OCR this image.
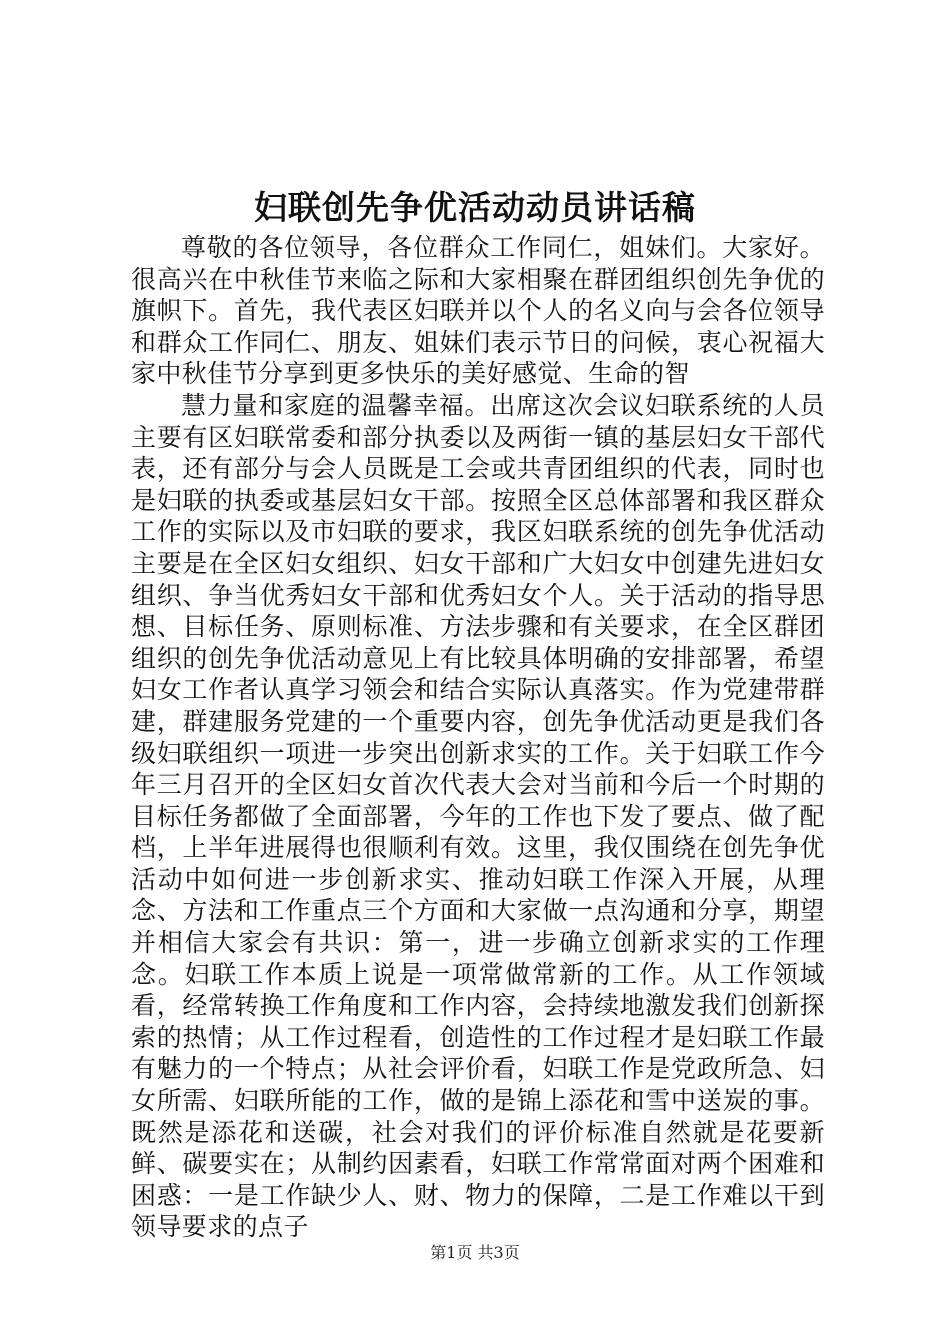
妇联创先争优活动动员讲话稿

尊敬的各位领导，各位群众工作同仁，姐妹们。大家好。很高兴在中秋佳节来临之际和大家相聚在群团组织创先争优的旗帜下。首先，我代表区妇联并以个人的名义向与会各位领导和群众工作同仁、朋友、姐妹们表示节日的问候，衷心祝福大家中秋佳节分享到更多快乐的美好感觉、生命的智

慧力量和家庭的温馨幸福。出席这次会议妇联系统的人员主要有区妇联常委和部分执委以及两街一镇的基层妇女干部代表，还有部分与会人员既是工会或共青团组织的代表，同时也是妇联的执委或基层妇女干部。按照全区总体部署和我区群众工作的实际以及市妇联的要求，我区妇联系统的创先争优活动主要是在全区妇女组织、妇女干部和广大妇女中创建先进妇女组织、争当优秀妇女干部和优秀妇女个人。关于活动的指导思想、目标任务、原则标准、方法步骤和有关要求，在全区群团组织的创先争优活动意见上有比较具体明确的安排部署，希望妇女工作者认真学习领会和结合实际认真落实。作为党建带群建，群建服务党建的一个重要内容，创先争优活动更是我们各级妇联组织一项进一步突出创新求实的工作。关于妇联工作今年三月召开的全区妇女首次代表大会对当前和今后一个时期的目标任务都做了全面部署，今年的工作也下发了要点、做了配档，上半年进展得也很顺利有效。这里，我仅围绕在创先争优活动中如何进一步创新求实、推动妇联工作深入开展，从理念、方法和工作重点三个方面和大家做一点沟通和分享，期望并相信大家会有共识：第一，进一步确立创新求实的工作理念。妇联工作本质上说是一项常做常新的工作。从工作领域看，经常转换工作角度和工作内容，会持续地激发我们创新探索的热情；从工作过程看，创造性的工作过程才是妇联工作最有魅力的一个特点；从社会评价看，妇联工作是党政所急、妇女所需、妇联所能的工作，做的是锦上添花和雪中送炭的事。既然是添花和送碳，社会对我们的评价标准自然就是花要新鲜、碳要实在；从制约因素看，妇联工作常常面对两个困难和困惑：一是工作缺少人、财、物力的保障，二是工作难以干到领导要求的点子

第1页 共3页
